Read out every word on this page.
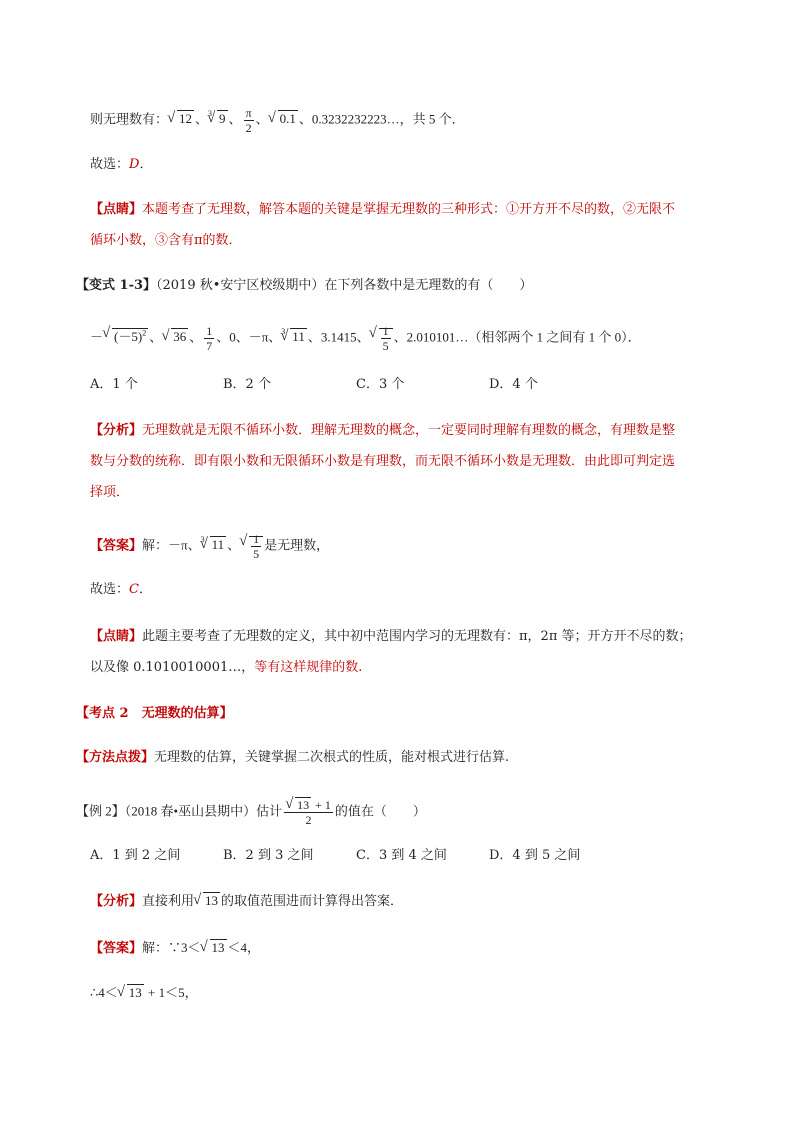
则无理数有： √ 12 、$^3$ √ 9 、 $\frac{\pi}{2}$ 、 √ 0.1 、0.3232232223…，共 5 个．
故选：D．
【点睛】本题考查了无理数，解答本题的关键是掌握无理数的三种形式：①开方开不尽的数，②无限不
循环小数，③含有π的数．
【变式 1-3】（2019 秋•安宁区校级期中）在下列各数中是无理数的有（　　）
－ √ $(-5)^2$ 、 √ 36 、 $\frac{1}{7}$ 、0、－π、$^3$ √ 11 、3.1415、 √ $\frac{1}{5}$ 、2.010101…（相邻两个 1 之间有 1 个 0）．
A．1 个	B．2 个	C．3 个	D．4 个
【分析】无理数就是无限不循环小数．理解无理数的概念，一定要同时理解有理数的概念，有理数是整
数与分数的统称．即有限小数和无限循环小数是有理数，而无限不循环小数是无理数．由此即可判定选
择项．
【答案】解：－π、$^3$ √ 11 、 √ $\frac{1}{5}$ 是无理数，
故选：C．
【点睛】此题主要考查了无理数的定义，其中初中范围内学习的无理数有：π，2π 等；开方开不尽的数；
以及像 0.1010010001…，等有这样规律的数.
【考点 2　无理数的估算】
【方法点拨】无理数的估算，关键掌握二次根式的性质，能对根式进行估算.
【例 2】（2018 春•巫山县期中）估计 √ $\frac{13 + 1}{2}$ 的值在（　　）
A．1 到 2 之间	B．2 到 3 之间	C．3 到 4 之间	D．4 到 5 之间
【分析】直接利用 √ 13 的取值范围进而计算得出答案．
【答案】解：∵3＜ √ 13 ＜4，
∴4＜ √ 13 + 1＜5，
